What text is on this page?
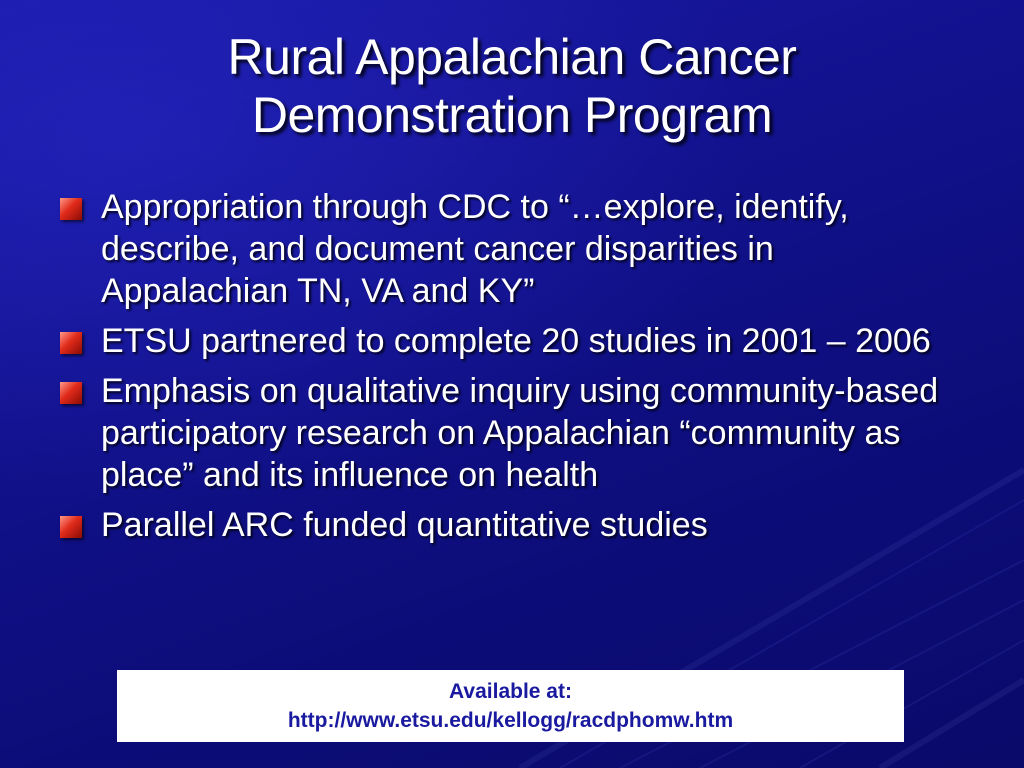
Rural Appalachian Cancer
Demonstration Program
Appropriation through CDC to “…explore, identify, describe, and document cancer disparities in Appalachian TN, VA and KY”
ETSU partnered to complete 20 studies in 2001 – 2006
Emphasis on qualitative inquiry using community-based participatory research on Appalachian “community as place” and its influence on health
Parallel ARC funded quantitative studies
Available at:
http://www.etsu.edu/kellogg/racdphomw.htm
